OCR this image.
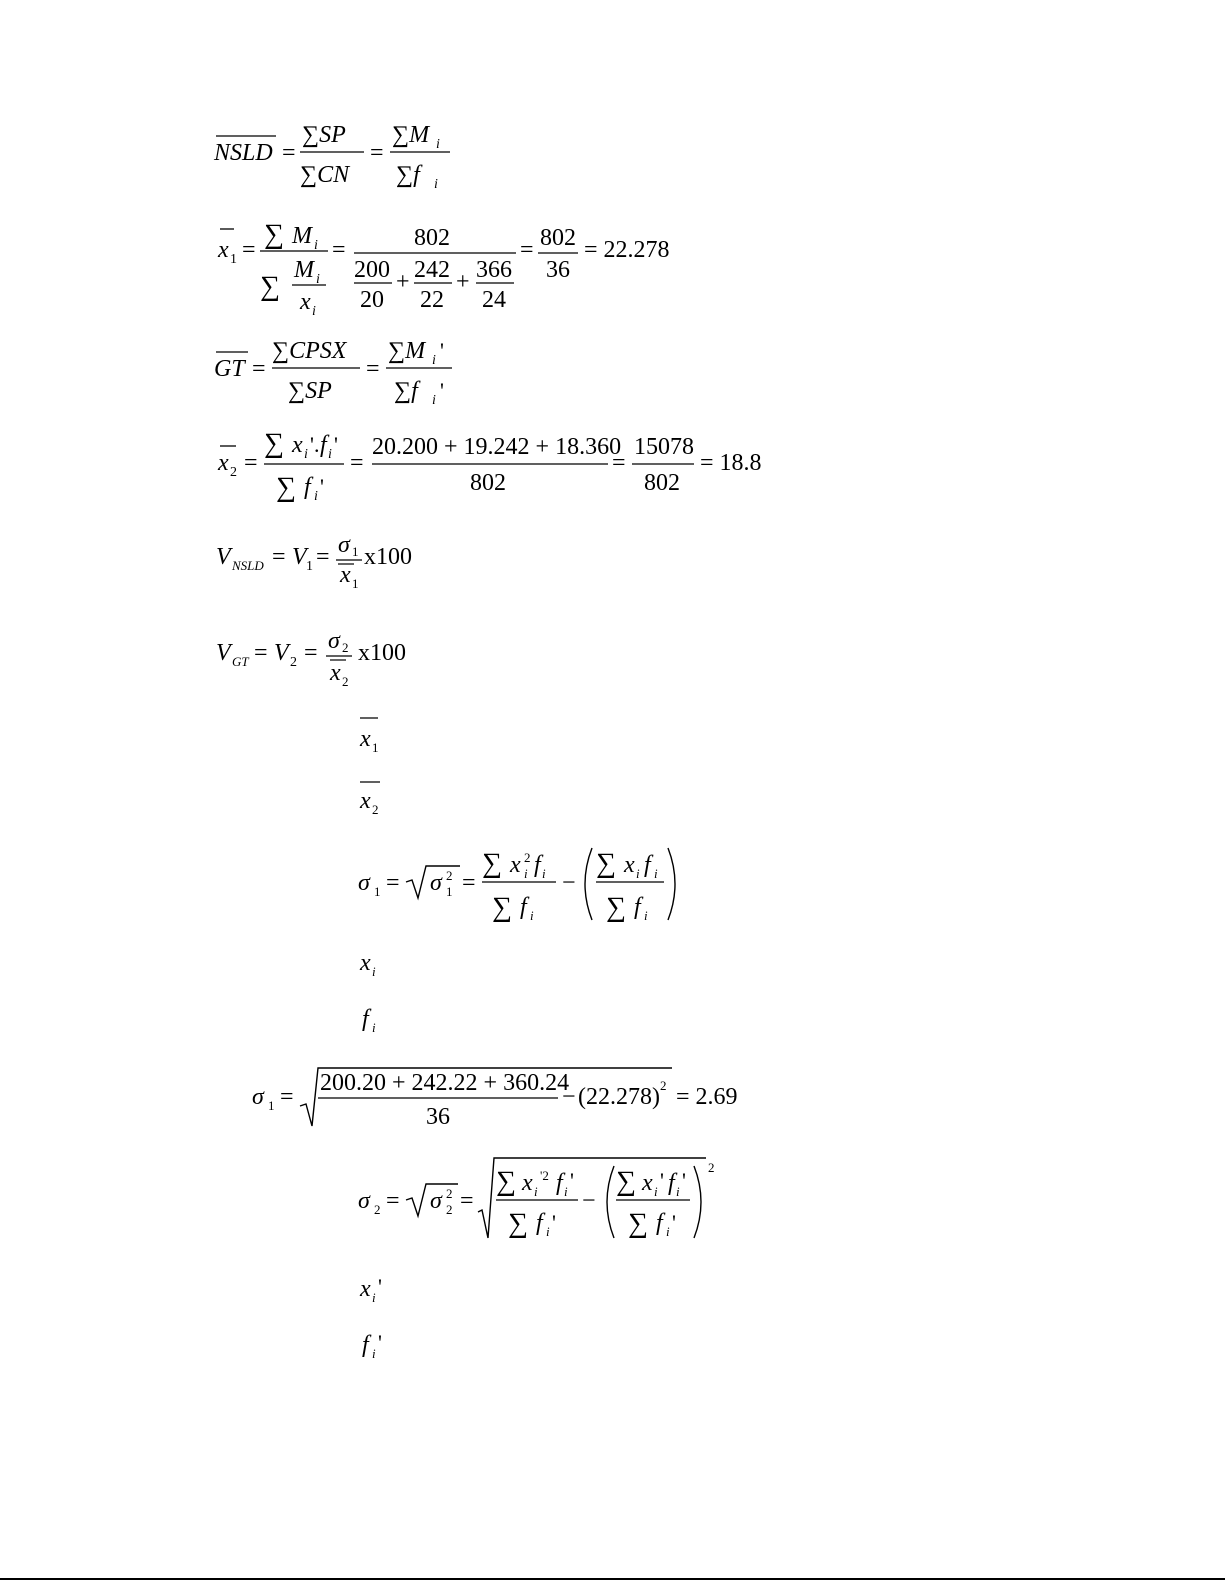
NSLD =
∑SP
∑CN
=
∑M i
∑f i
x 1 = ∑ M i
∑
M i
x i
=	802
200
20
+ 242
22
+ 366
24
= 802
36
= 22.278
GT =
∑CPSX
∑SP
=
∑M i '
∑f i '
x 2 =
∑ x i '. f i '
∑ f i '
=
20.200 + 19.242 + 18.360
802
=
15078
802
= 18.8
V NSLD = V 1 = σ 1
x 1
x100
V GT = V 2 = σ 2
x 2
x100
x 1
x 2
σ 1 = σ 2
1 =
∑ x 2
i f i
∑ f i
−
∑ x i f i
∑ f i
x i
f i
σ 1 =
200.20 + 242.22 + 360.24
36
− (22.278) 2 = 2.69
σ 2 = σ 2
2 =
∑ x i
'2 f i '
∑ f i '
−
∑ x i ' f i '
∑ f i '
2
x i '
f i '
